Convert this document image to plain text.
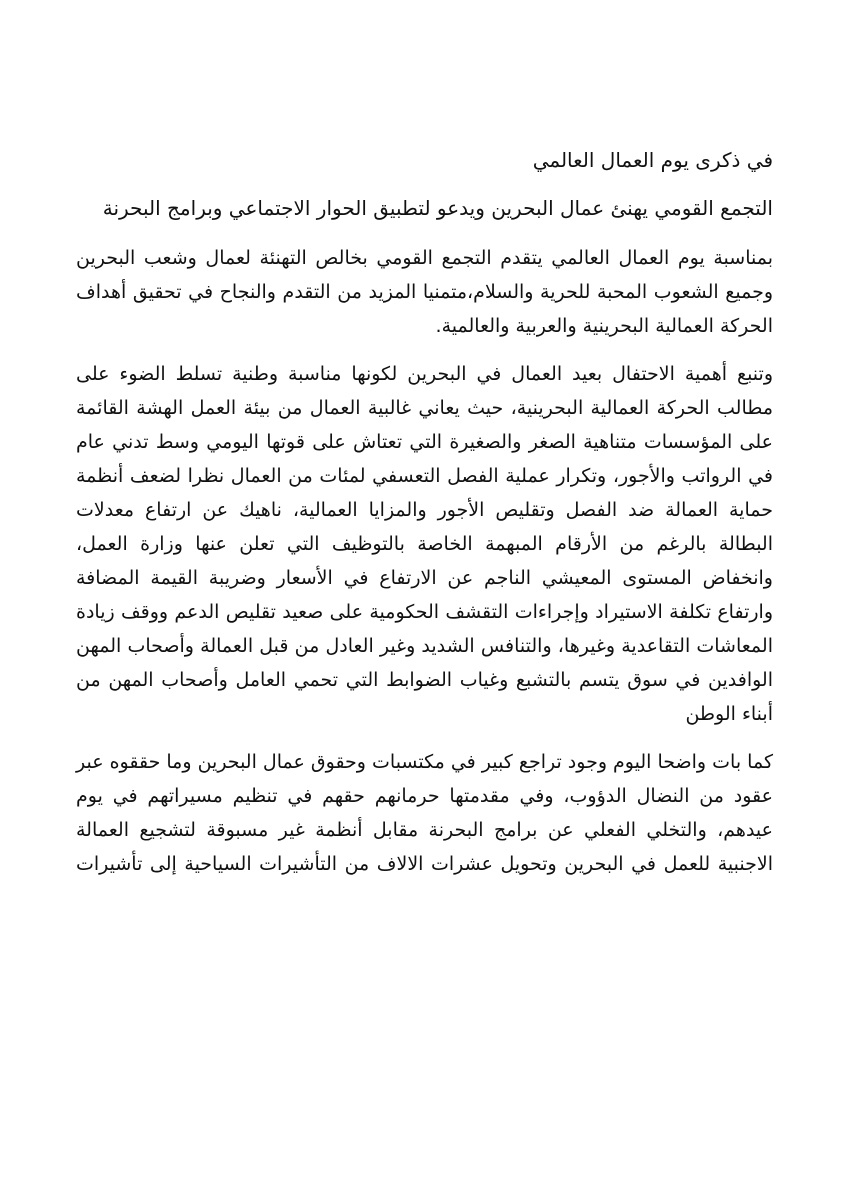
في ذكرى يوم العمال العالمي
التجمع القومي يهنئ عمال البحرين ويدعو لتطبيق الحوار الاجتماعي وبرامج البحرنة

بمناسبة يوم العمال العالمي يتقدم التجمع القومي بخالص التهنئة لعمال وشعب البحرين وجميع الشعوب المحبة للحرية والسلام،متمنيا المزيد من التقدم والنجاح في تحقيق أهداف الحركة العمالية البحرينية والعربية والعالمية.

وتنبع أهمية الاحتفال بعيد العمال في البحرين لكونها مناسبة وطنية تسلط الضوء على مطالب الحركة العمالية البحرينية، حيث يعاني غالبية العمال من بيئة العمل الهشة القائمة على المؤسسات متناهية الصغر والصغيرة التي تعتاش على قوتها اليومي وسط تدني عام في الرواتب والأجور، وتكرار عملية الفصل التعسفي لمئات من العمال نظرا لضعف أنظمة حماية العمالة ضد الفصل وتقليص الأجور والمزايا العمالية، ناهيك عن ارتفاع معدلات البطالة بالرغم من الأرقام المبهمة الخاصة بالتوظيف التي تعلن عنها وزارة العمل، وانخفاض المستوى المعيشي الناجم عن الارتفاع في الأسعار وضريبة القيمة المضافة وارتفاع تكلفة الاستيراد وإجراءات التقشف الحكومية على صعيد تقليص الدعم ووقف زيادة المعاشات التقاعدية وغيرها، والتنافس الشديد وغير العادل من قبل العمالة وأصحاب المهن الوافدين في سوق يتسم بالتشبع وغياب الضوابط التي تحمي العامل وأصحاب المهن من أبناء الوطن

كما بات واضحا اليوم وجود تراجع كبير في مكتسبات وحقوق عمال البحرين وما حققوه عبر عقود من النضال الدؤوب، وفي مقدمتها حرمانهم حقهم في تنظيم مسيراتهم في يوم عيدهم، والتخلي الفعلي عن برامج البحرنة مقابل أنظمة غير مسبوقة لتشجيع العمالة الاجنبية للعمل في البحرين وتحويل عشرات الالاف من التأشيرات السياحية إلى تأشيرات
